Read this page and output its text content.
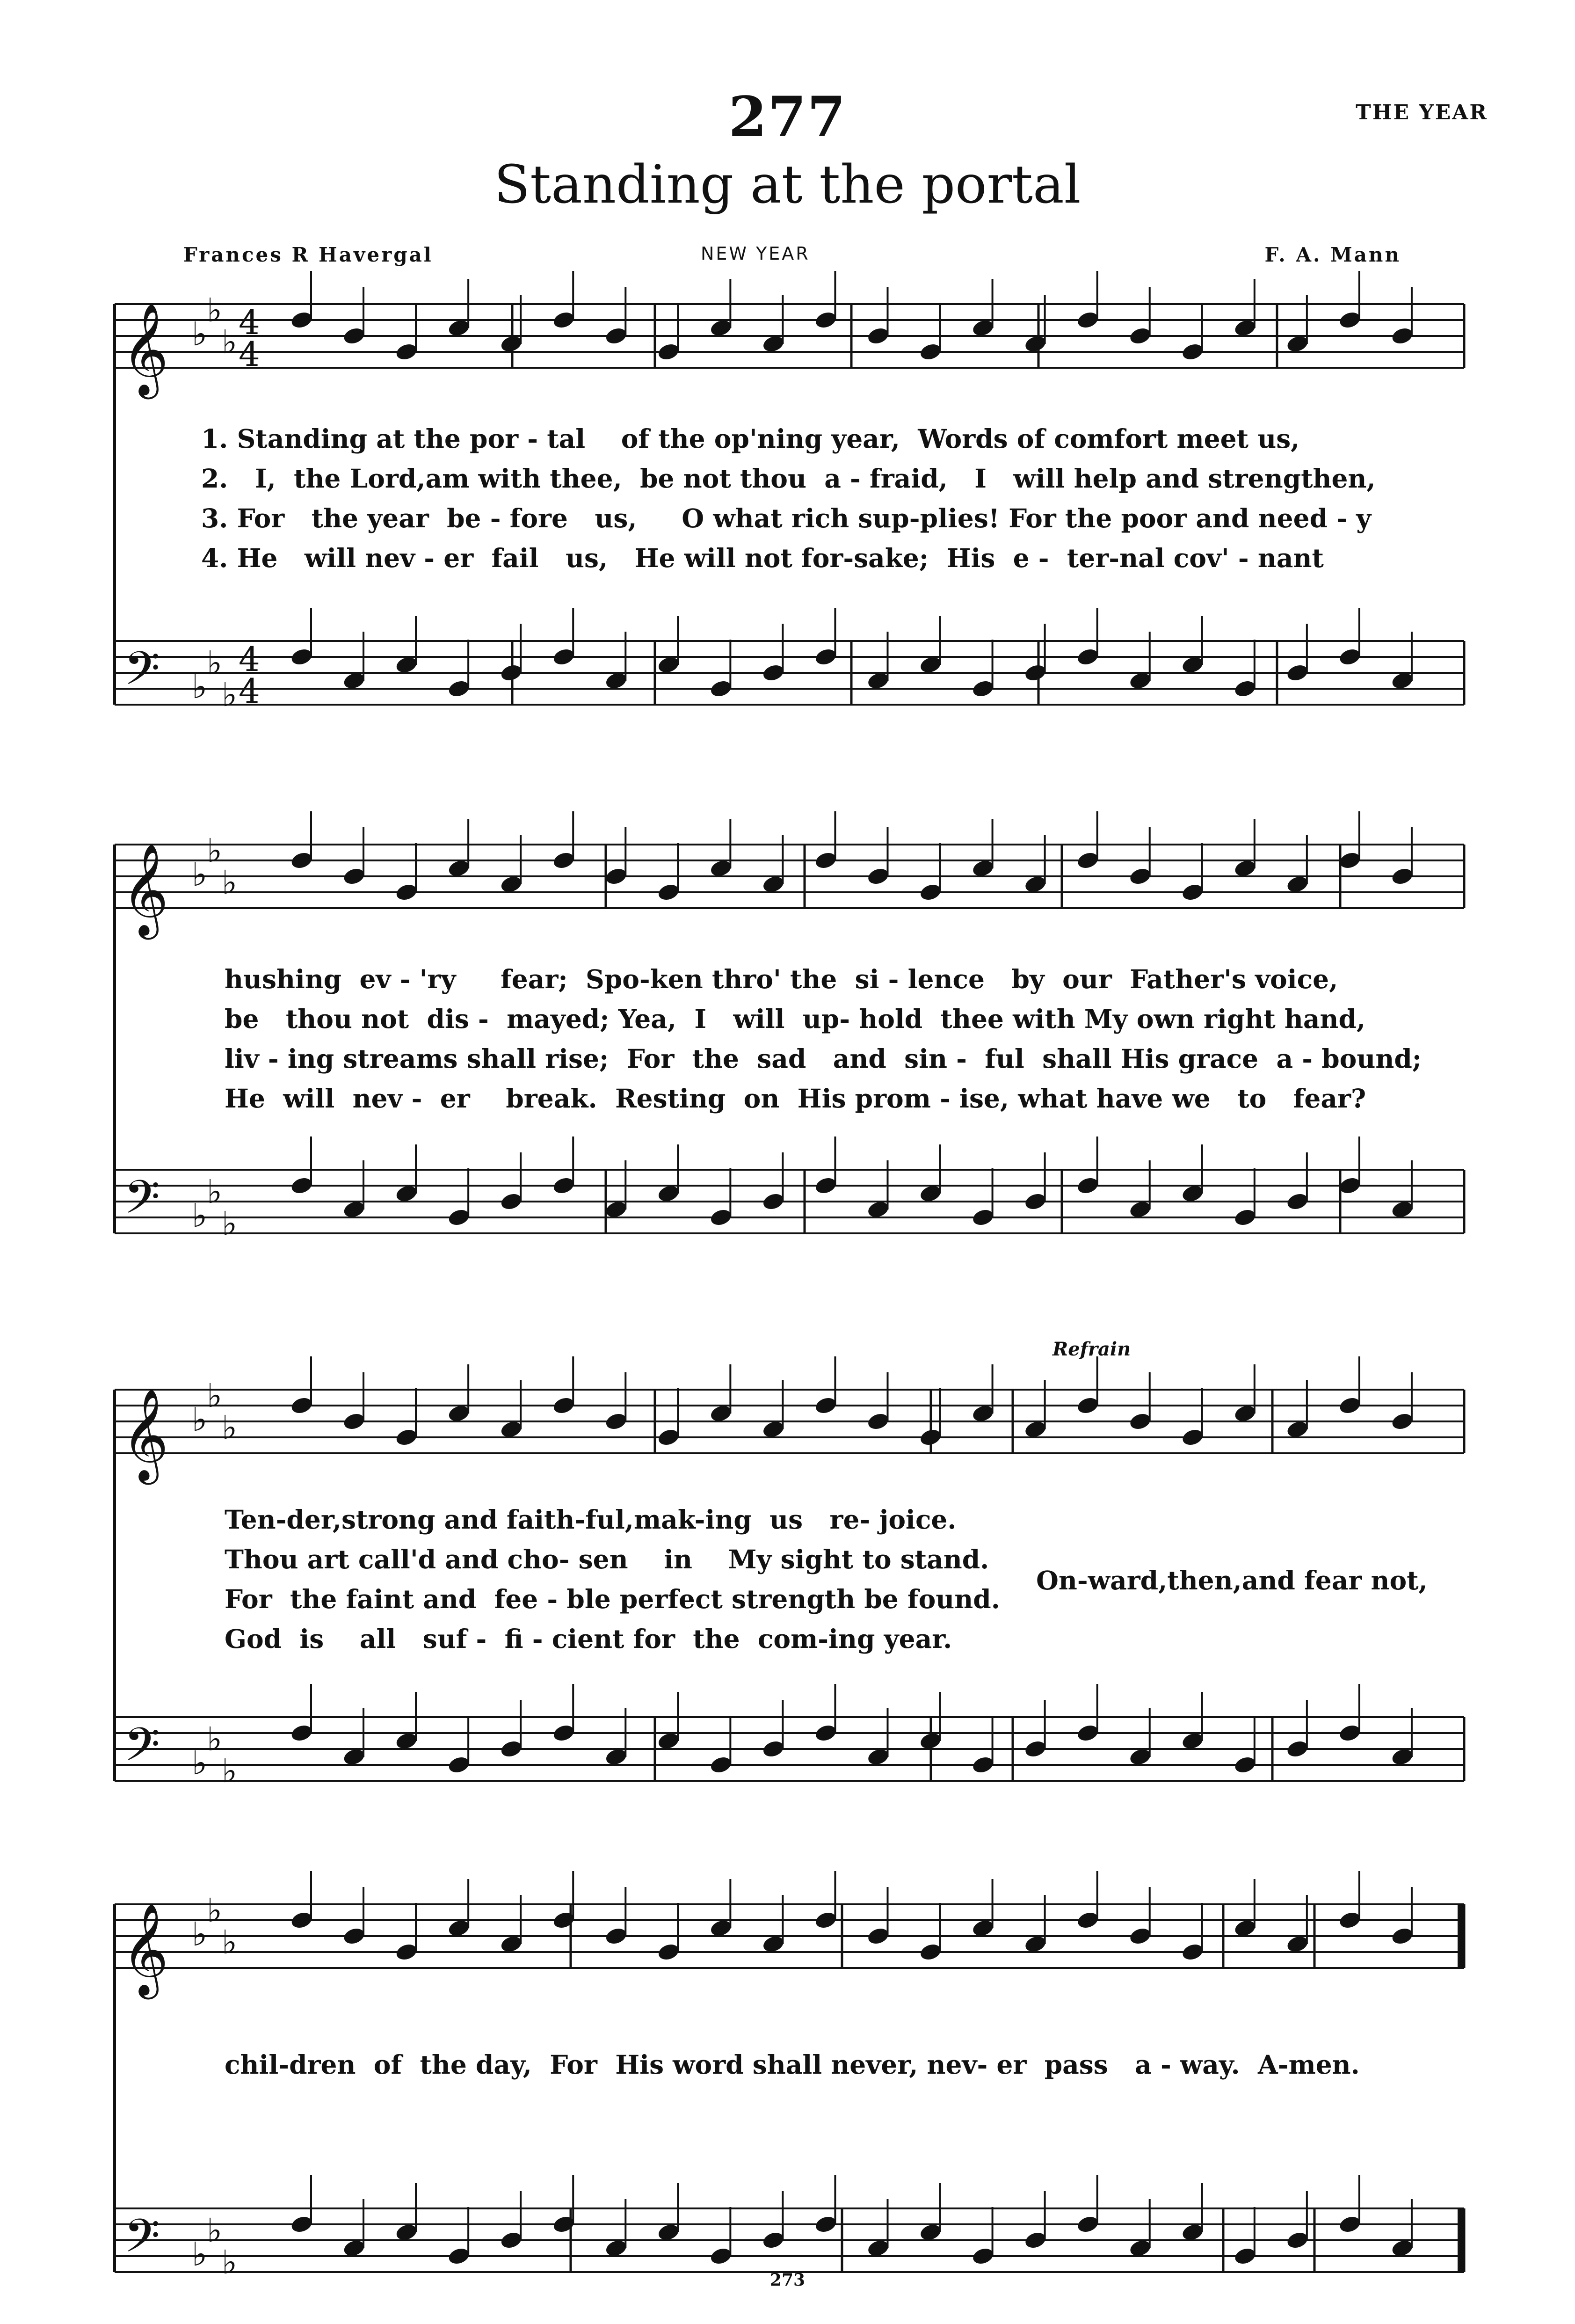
277	THE YEAR
Standing at the portal
Frances R Havergal	NEW YEAR	F. A. Mann
𝄞 ♭
♭
♭ 4
4
𝄢 ♭
♭
♭
4
4
𝄞 ♭
♭
♭
𝄢 ♭
♭
♭
𝄞 ♭
♭
♭
𝄢 ♭
♭
♭
𝄞 ♭
♭
♭
𝄢 ♭
♭
♭
1. Standing at the por - tal    of the op'ning year,  Words of comfort meet us,
2.   I,  the Lord,am with thee,  be not thou  a - fraid,   I   will help and strengthen,
3. For   the year  be - fore   us,     O what rich sup-plies! For the poor and need - y
4. He   will nev - er  fail   us,   He will not for-sake;  His  e -  ter-nal cov' - nant
hushing  ev - 'ry     fear;  Spo-ken thro' the  si - lence   by  our  Father's voice,
be   thou not  dis -  mayed; Yea,  I   will  up- hold  thee with My own right hand,
liv - ing streams shall rise;  For  the  sad   and  sin -  ful  shall His grace  a - bound;
He  will  nev -  er    break.  Resting  on  His prom - ise, what have we   to   fear?
Refrain
Ten-der,strong and faith-ful,mak-ing  us   re- joice.
Thou art call'd and cho- sen    in    My sight to stand.
For  the faint and  fee - ble perfect strength be found.
God  is    all   suf -  fi - cient for  the  com-ing year.
On-ward,then,and fear not,
chil-dren  of  the day,  For  His word shall never, nev- er  pass   a - way.  A-men.
273
